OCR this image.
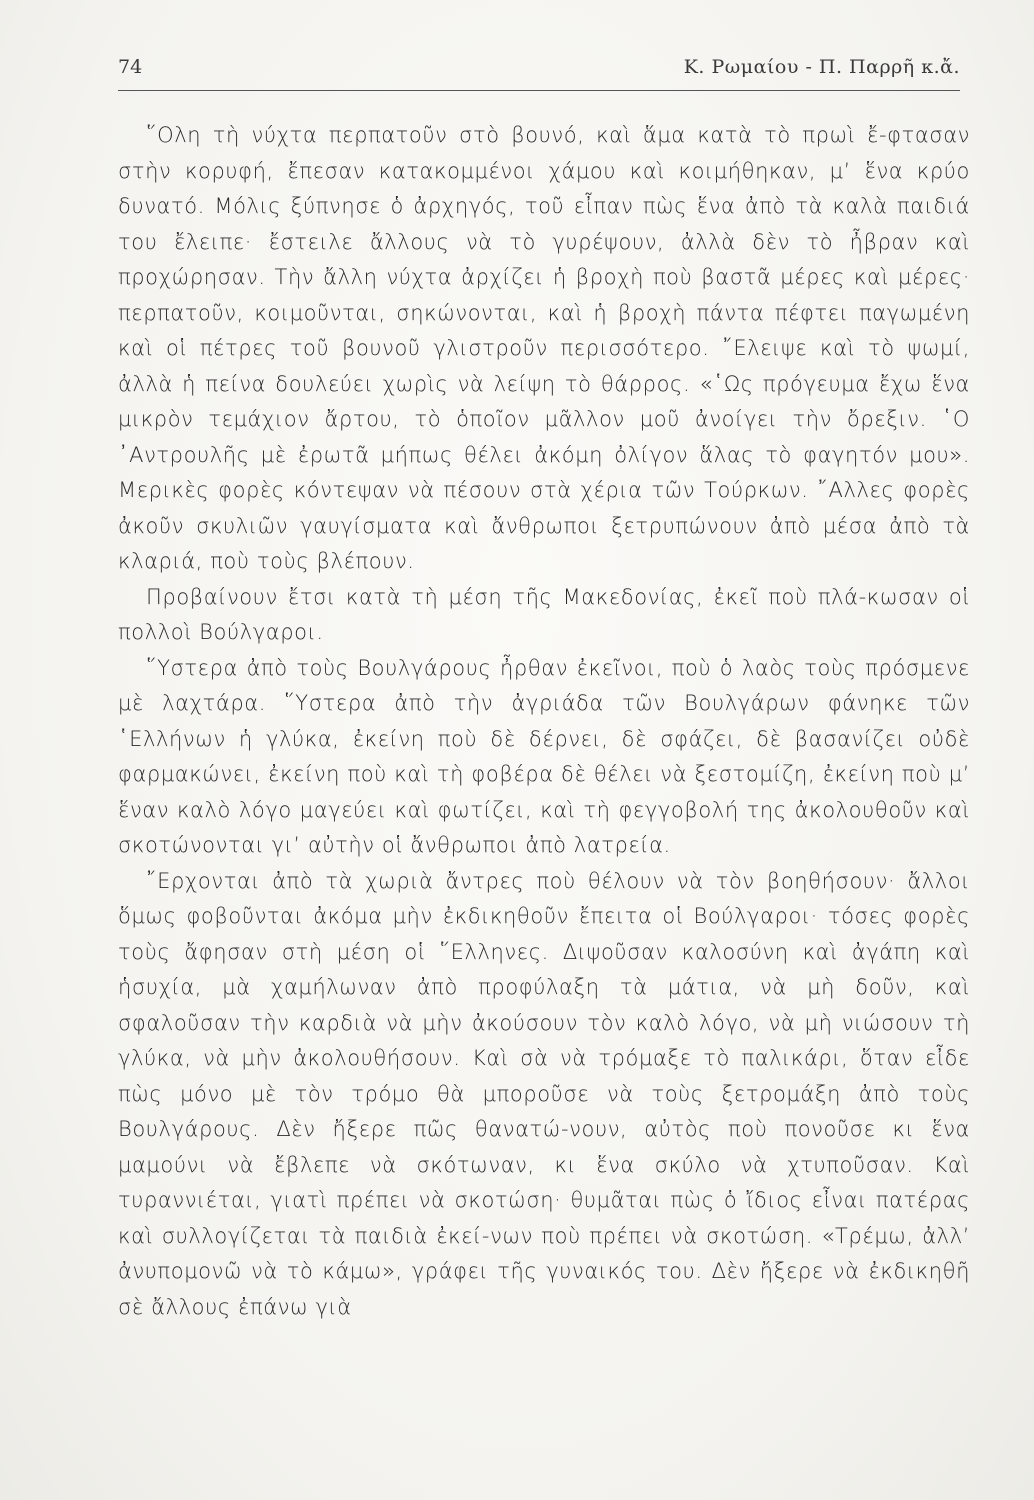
74	Κ. Ρωμαίου - Π. Παρρῆ κ.ἄ.

῞Ολη τὴ νύχτα περπατοῦν στὸ βουνό, καὶ ἅμα κατὰ τὸ πρωὶ ἔ-φτασαν στὴν κορυφή, ἔπεσαν κατακομμένοι χάμου καὶ κοιμήθηκαν, μ’ ἕνα κρύο δυνατό. Μόλις ξύπνησε ὁ ἀρχηγός, τοῦ εἶπαν πὼς ἕνα ἀπὸ τὰ καλὰ παιδιά του ἔλειπε· ἔστειλε ἄλλους νὰ τὸ γυρέψουν, ἀλλὰ δὲν τὸ ἦβραν καὶ προχώρησαν. Τὴν ἄλλη νύχτα ἀρχίζει ἡ βροχὴ ποὺ βαστᾶ μέρες καὶ μέρες· περπατοῦν, κοιμοῦνται, σηκώνονται, καὶ ἡ βροχὴ πάντα πέφτει παγωμένη καὶ οἱ πέτρες τοῦ βουνοῦ γλιστροῦν περισσότερο. ῎Ελειψε καὶ τὸ ψωμί, ἀλλὰ ἡ πείνα δουλεύει χωρὶς νὰ λείψη τὸ θάρρος. «῾Ως πρόγευμα ἔχω ἕνα μικρὸν τεμάχιον ἄρτου, τὸ ὁποῖον μᾶλλον μοῦ ἀνοίγει τὴν ὄρεξιν. ῾Ο ᾿Αντρουλῆς μὲ ἐρωτᾶ μήπως θέλει ἀκόμη ὀλίγον ἅλας τὸ φαγητόν μου». Μερικὲς φορὲς κόντεψαν νὰ πέσουν στὰ χέρια τῶν Τούρκων. ῎Αλλες φορὲς ἀκοῦν σκυλιῶν γαυγίσματα καὶ ἄνθρωποι ξετρυπώνουν ἀπὸ μέσα ἀπὸ τὰ κλαριά, ποὺ τοὺς βλέπουν.

Προβαίνουν ἔτσι κατὰ τὴ μέση τῆς Μακεδονίας, ἐκεῖ ποὺ πλά-κωσαν οἱ πολλοὶ Βούλγαροι.

῞Υστερα ἀπὸ τοὺς Βουλγάρους ἦρθαν ἐκεῖνοι, ποὺ ὁ λαὸς τοὺς πρόσμενε μὲ λαχτάρα. ῞Υστερα ἀπὸ τὴν ἀγριάδα τῶν Βουλγάρων φάνηκε τῶν ῾Ελλήνων ἡ γλύκα, ἐκείνη ποὺ δὲ δέρνει, δὲ σφάζει, δὲ βασανίζει οὐδὲ φαρμακώνει, ἐκείνη ποὺ καὶ τὴ φοβέρα δὲ θέλει νὰ ξεστομίζη, ἐκείνη ποὺ μ’ ἕναν καλὸ λόγο μαγεύει καὶ φωτίζει, καὶ τὴ φεγγοβολή της ἀκολουθοῦν καὶ σκοτώνονται γι’ αὐτὴν οἱ ἄνθρωποι ἀπὸ λατρεία.

῎Ερχονται ἀπὸ τὰ χωριὰ ἄντρες ποὺ θέλουν νὰ τὸν βοηθήσουν· ἄλλοι ὅμως φοβοῦνται ἀκόμα μὴν ἐκδικηθοῦν ἔπειτα οἱ Βούλγαροι· τόσες φορὲς τοὺς ἄφησαν στὴ μέση οἱ ῞Ελληνες. Διψοῦσαν καλοσύνη καὶ ἀγάπη καὶ ἡσυχία, μὰ χαμήλωναν ἀπὸ προφύλαξη τὰ μάτια, νὰ μὴ δοῦν, καὶ σφαλοῦσαν τὴν καρδιὰ νὰ μὴν ἀκούσουν τὸν καλὸ λόγο, νὰ μὴ νιώσουν τὴ γλύκα, νὰ μὴν ἀκολουθήσουν. Καὶ σὰ νὰ τρόμαξε τὸ παλικάρι, ὅταν εἶδε πὼς μόνο μὲ τὸν τρόμο θὰ μποροῦσε νὰ τοὺς ξετρομάξη ἀπὸ τοὺς Βουλγάρους. Δὲν ἤξερε πῶς θανατώ-νουν, αὐτὸς ποὺ πονοῦσε κι ἕνα μαμούνι νὰ ἔβλεπε νὰ σκότωναν, κι ἕνα σκύλο νὰ χτυποῦσαν. Καὶ τυραννιέται, γιατὶ πρέπει νὰ σκοτώση· θυμᾶται πὼς ὁ ἴδιος εἶναι πατέρας καὶ συλλογίζεται τὰ παιδιὰ ἐκεί-νων ποὺ πρέπει νὰ σκοτώση. «Τρέμω, ἀλλ’ ἀνυπομονῶ νὰ τὸ κάμω», γράφει τῆς γυναικός του. Δὲν ἤξερε νὰ ἐκδικηθῆ σὲ ἄλλους ἐπάνω γιὰ
